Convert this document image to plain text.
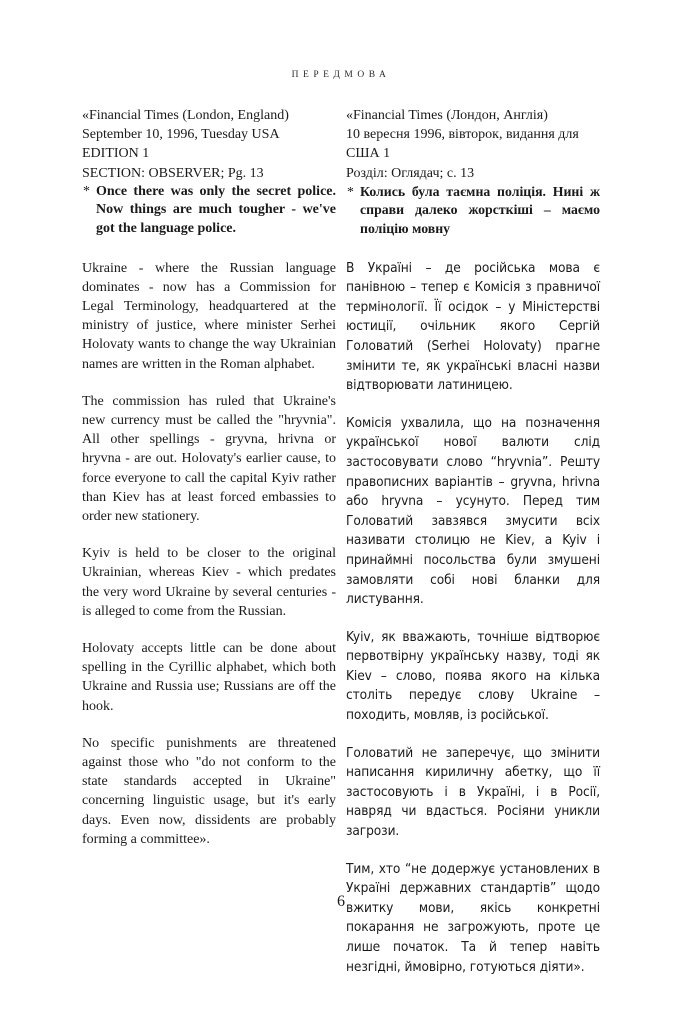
ПЕРЕДМОВА

«Financial Times (London, England)
September 10, 1996, Tuesday USA
EDITION 1
SECTION: OBSERVER; Pg. 13

* Once there was only the secret police. Now things are much tougher - we've got the language police.

Ukraine - where the Russian language dominates - now has a Commission for Legal Terminology, headquartered at the ministry of justice, where minister Serhei Holovaty wants to change the way Ukrainian names are written in the Roman alphabet.

The commission has ruled that Ukraine's new currency must be called the "hryvnia". All other spellings - gryvna, hrivna or hryvna - are out. Holovaty's earlier cause, to force everyone to call the capital Kyiv rather than Kiev has at least forced embassies to order new stationery.

Kyiv is held to be closer to the original Ukrainian, whereas Kiev - which predates the very word Ukraine by several centuries - is alleged to come from the Russian.

Holovaty accepts little can be done about spelling in the Cyrillic alphabet, which both Ukraine and Russia use; Russians are off the hook.

No specific punishments are threatened against those who "do not conform to the state standards accepted in Ukraine" concerning linguistic usage, but it's early days. Even now, dissidents are probably forming a committee».

«Financial Times (Лондон, Англія)
10 вересня 1996, вівторок, видання для
США 1
Розділ: Оглядач; с. 13

* Колись була таємна поліція. Нині ж справи далеко жорсткіші – маємо поліцію мовну

В Україні – де російська мова є панівною – тепер є Комісія з правничої термінології. Її осідок – у Міністерстві юстиції, очільник якого Сергій Головатий (Serhei Holovaty) прагне змінити те, як українські власні назви відтворювати латиницею.

Комісія ухвалила, що на позначення української нової валюти слід застосовувати слово “hryvnia”. Решту правописних варіантів – gryvna, hrivna або hryvna – усунуто. Перед тим Головатий завзявся змусити всіх називати столицю не Kiev, а Kyiv і принаймні посольства були змушені замовляти собі нові бланки для листування.

Kyiv, як вважають, точніше відтворює первотвірну українську назву, тоді як Kiev – слово, поява якого на кілька століть передує слову Ukraine – походить, мовляв, із російської.

Головатий не заперечує, що змінити написання кириличну абетку, що її застосовують і в Україні, і в Росії, навряд чи вдасться. Росіяни уникли загрози.

Тим, хто “не додержує установлених в Україні державних стандартів” щодо вжитку мови, якісь конкретні покарання не загрожують, проте це лише початок. Та й тепер навіть незгідні, ймовірно, готуються діяти».

6
